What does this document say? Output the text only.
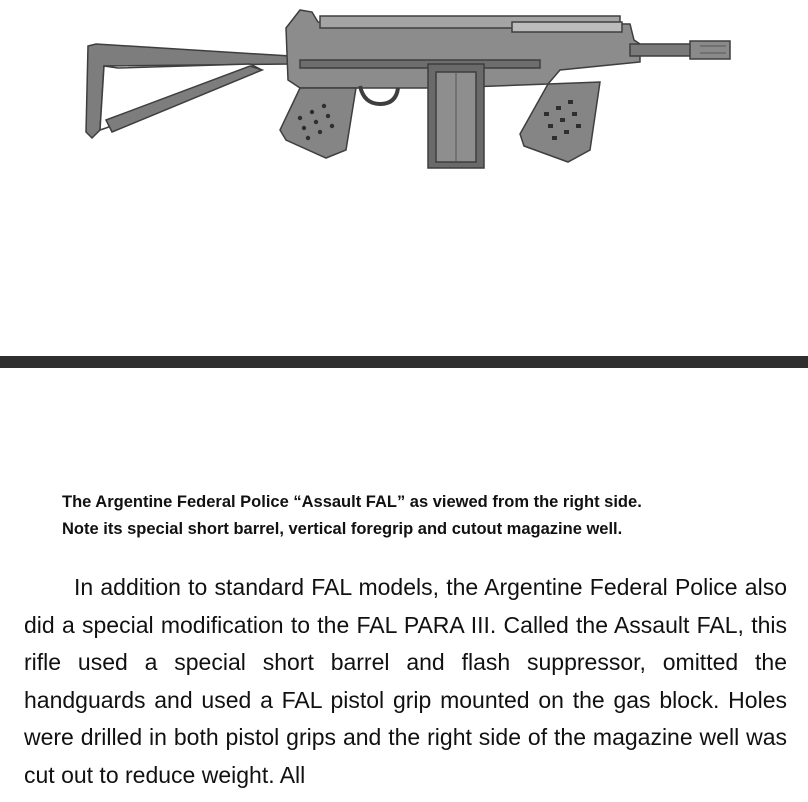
The Argentine Federal Police “Assault FAL” as viewed from the right side.
Note its special short barrel, vertical foregrip and cutout magazine well.

In addition to standard FAL models, the Argentine Federal Police also did a special modification to the FAL PARA III. Called the Assault FAL, this rifle used a special short barrel and flash suppressor, omitted the handguards and used a FAL pistol grip mounted on the gas block. Holes were drilled in both pistol grips and the right side of the magazine well was cut out to reduce weight. All
